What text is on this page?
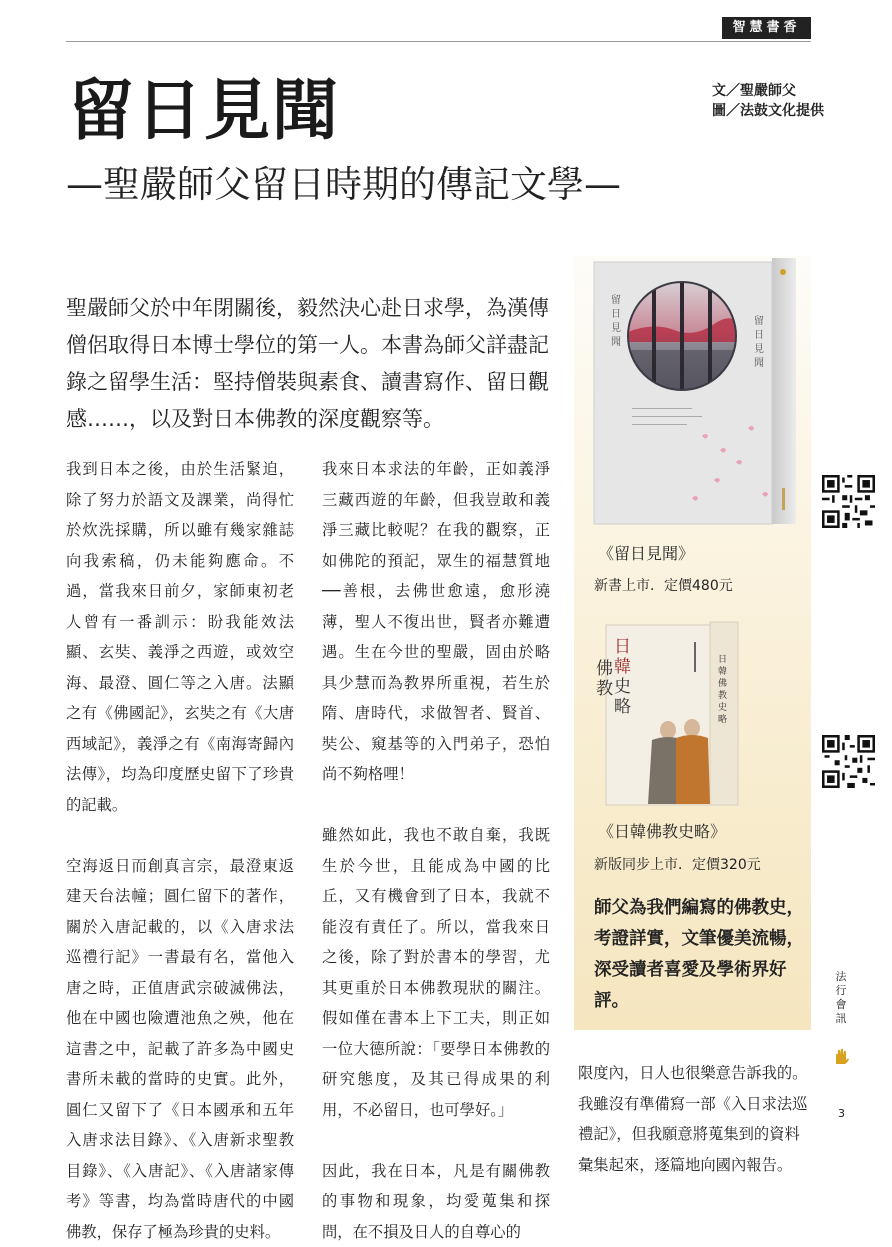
智慧書香
留日見聞
—聖嚴師父留日時期的傳記文學—
文／聖嚴師父
圖／法鼓文化提供
聖嚴師父於中年閉關後，毅然決心赴日求學，為漢傳僧侶取得日本博士學位的第一人。本書為師父詳盡記錄之留學生活：堅持僧裝與素食、讀書寫作、留日觀感……，以及對日本佛教的深度觀察等。

我到日本之後，由於生活緊迫，除了努力於語文及課業，尚得忙於炊洗採購，所以雖有幾家雜誌向我索稿，仍未能夠應命。不過，當我來日前夕，家師東初老人曾有一番訓示：盼我能效法顯、玄奘、義淨之西遊，或效空海、最澄、圓仁等之入唐。法顯之有《佛國記》，玄奘之有《大唐西域記》，義淨之有《南海寄歸內法傳》，均為印度歷史留下了珍貴的記載。

空海返日而創真言宗，最澄東返建天台法幢；圓仁留下的著作，關於入唐記載的，以《入唐求法巡禮行記》一書最有名，當他入唐之時，正值唐武宗破滅佛法，他在中國也險遭池魚之殃，他在這書之中，記載了許多為中國史書所未載的當時的史實。此外，圓仁又留下了《日本國承和五年入唐求法目錄》、《入唐新求聖教目錄》、《入唐記》、《入唐諸家傳考》等書，均為當時唐代的中國佛教，保存了極為珍貴的史料。

我來日本求法的年齡，正如義淨三藏西遊的年齡，但我豈敢和義淨三藏比較呢？在我的觀察，正如佛陀的預記，眾生的福慧質地──善根，去佛世愈遠，愈形澆薄，聖人不復出世，賢者亦難遭遇。生在今世的聖嚴，固由於略具少慧而為教界所重視，若生於隋、唐時代，求做智者、賢首、奘公、窺基等的入門弟子，恐怕尚不夠格哩！

雖然如此，我也不敢自棄，我既生於今世，且能成為中國的比丘，又有機會到了日本，我就不能沒有責任了。所以，當我來日之後，除了對於書本的學習，尤其更重於日本佛教現狀的關注。假如僅在書本上下工夫，則正如一位大德所說：「要學日本佛教的研究態度，及其已得成果的利用，不必留日，也可學好。」

因此，我在日本，凡是有關佛教的事物和現象，均愛蒐集和探問，在不損及日人的自尊心的

留
日
見
聞
留
日
見
聞
《留日見聞》
新書上市．定價480元
日
韓
佛
教 史
略
日
韓
佛
教
史
略
《日韓佛教史略》
新版同步上市．定價320元
師父為我們編寫的佛教史，考證詳實，文筆優美流暢，深受讀者喜愛及學術界好評。

限度內，日人也很樂意告訴我的。我雖沒有準備寫一部《入日求法巡禮記》，但我願意將蒐集到的資料彙集起來，逐篇地向國內報告。

法
行
會
訊
3
